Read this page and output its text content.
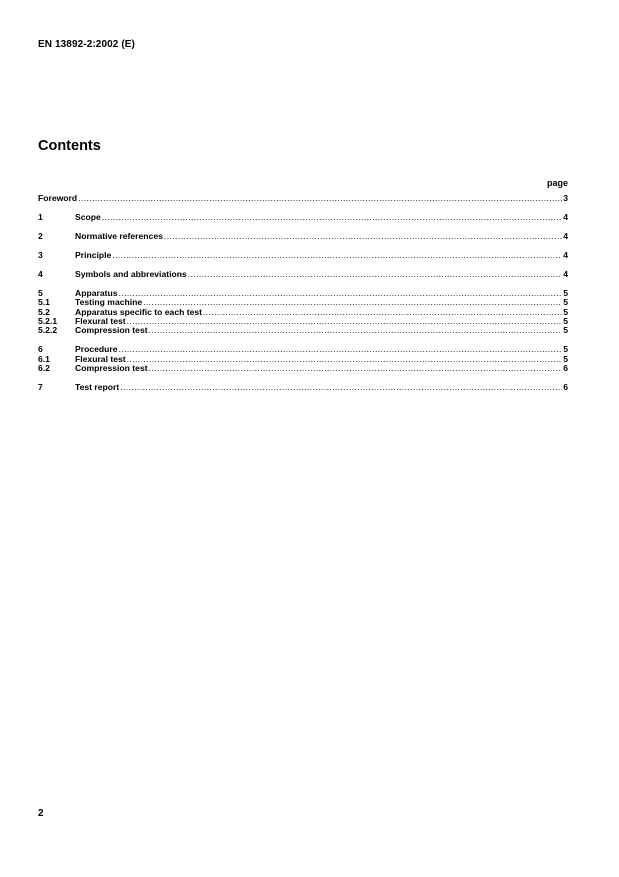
EN 13892-2:2002 (E)
Contents
page
Foreword .....	3
1	Scope .....	4
2	Normative references .....	4
3	Principle .....	4
4	Symbols and abbreviations .....	4
5	Apparatus .....	5
5.1	Testing machine .....	5
5.2	Apparatus specific to each test .....	5
5.2.1	Flexural test .....	5
5.2.2	Compression test .....	5
6	Procedure .....	5
6.1	Flexural test .....	5
6.2	Compression test .....	6
7	Test report .....	6
2
